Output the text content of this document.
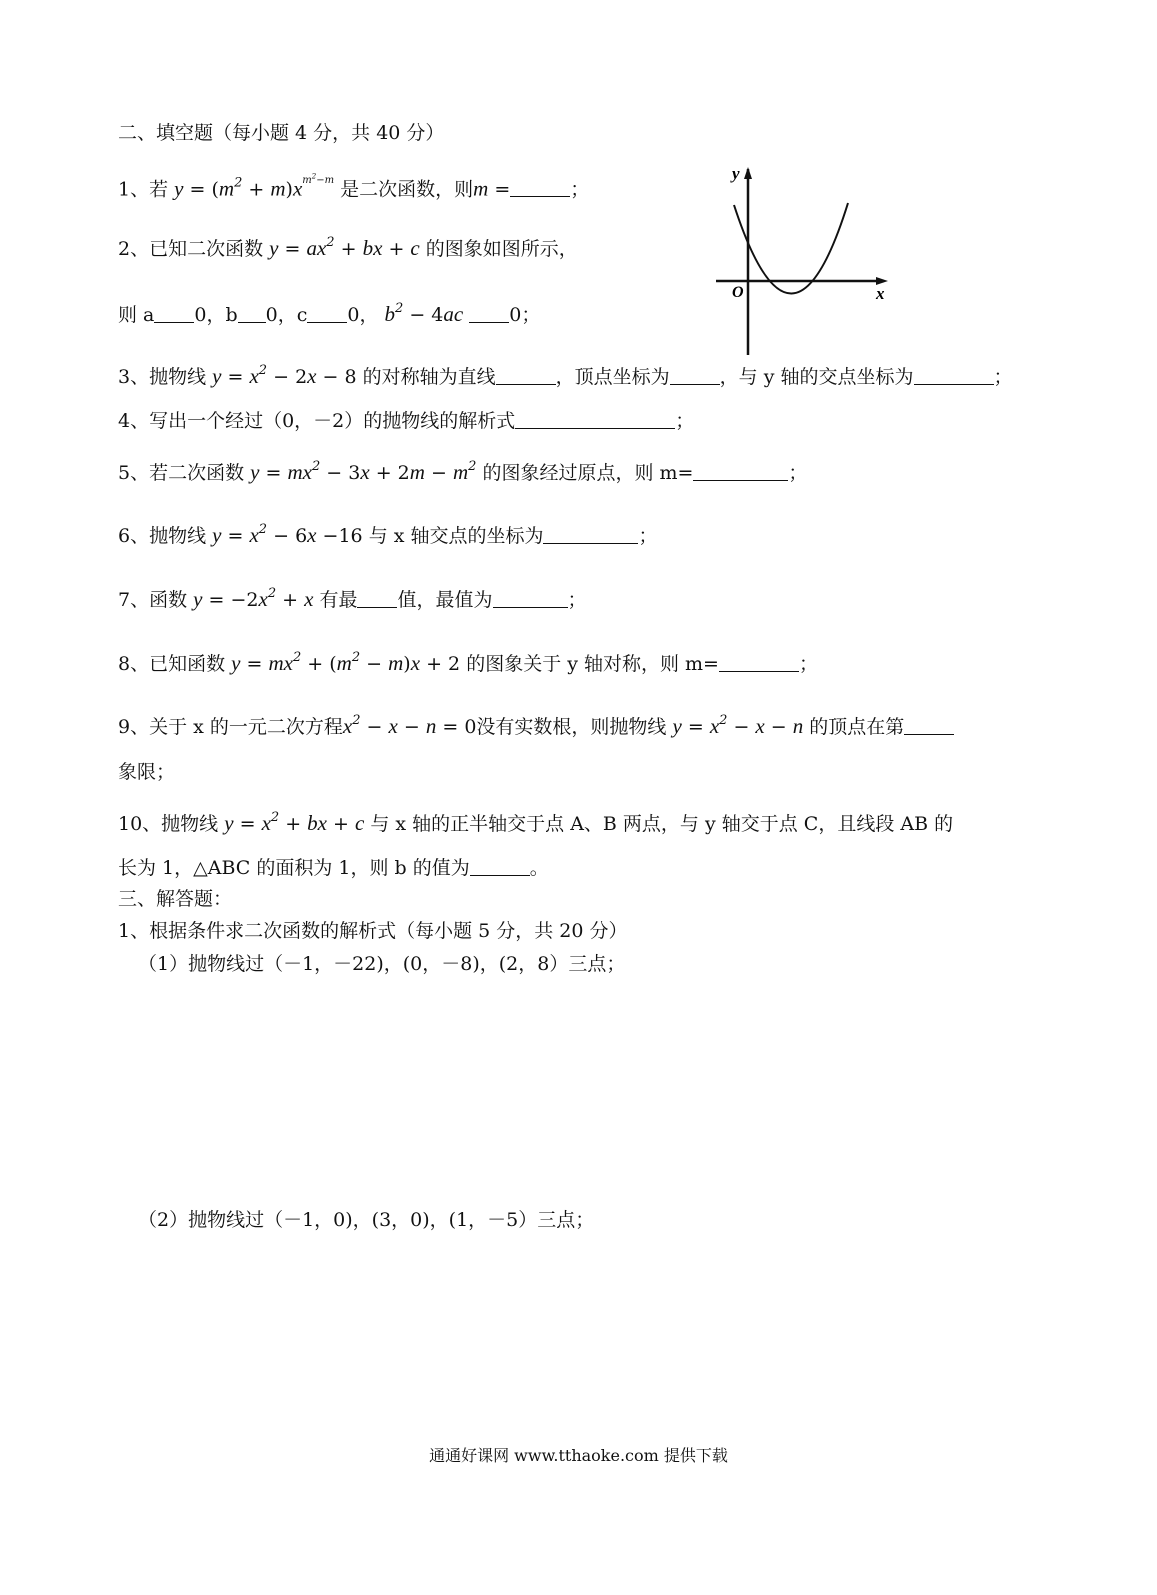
二、填空题（每小题 4 分，共 40 分）
1、若 $y = (m^2 + m)x^{m^2-m}$ 是二次函数，则m =	；
2、已知二次函数 $y = ax^2$ + bx + c 的图象如图所示，
则 a 0，b 0，c 0， $b^2 - 4ac$ 0；
y
x
O
3、抛物线 $y = x^2 - 2x - 8$ 的对称轴为直线	，顶点坐标为	，与 y 轴的交点坐标为	；
4、写出一个经过（0，－2）的抛物线的解析式	；
5、若二次函数 $y = mx^2 - 3x + 2m - m^2$ 的图象经过原点，则 m=	；
6、抛物线 $y = x^2 - 6x -16$ 与 x 轴交点的坐标为	；
7、函数 $y = -2x^2 + x$ 有最 值，最值为	；
8、已知函数 $y = mx^2 + (m^2 - m)x + 2$ 的图象关于 y 轴对称，则 m=	；
9、关于 x 的一元二次方程$x^2 - x - n = 0$没有实数根，则抛物线 $y = x^2 - x - n$ 的顶点在第
象限；
10、抛物线 $y = x^2$ + bx + c 与 x 轴的正半轴交于点 A、B 两点，与 y 轴交于点 C，且线段 AB 的
长为 1，△ABC 的面积为 1，则 b 的值为	。
三、解答题：
1、根据条件求二次函数的解析式（每小题 5 分，共 20 分）
（1）抛物线过（－1，－22)，(0，－8)，(2，8）三点；
（2）抛物线过（－1，0)，(3，0)，(1，－5）三点；
通通好课网 www.tthaoke.com 提供下载
